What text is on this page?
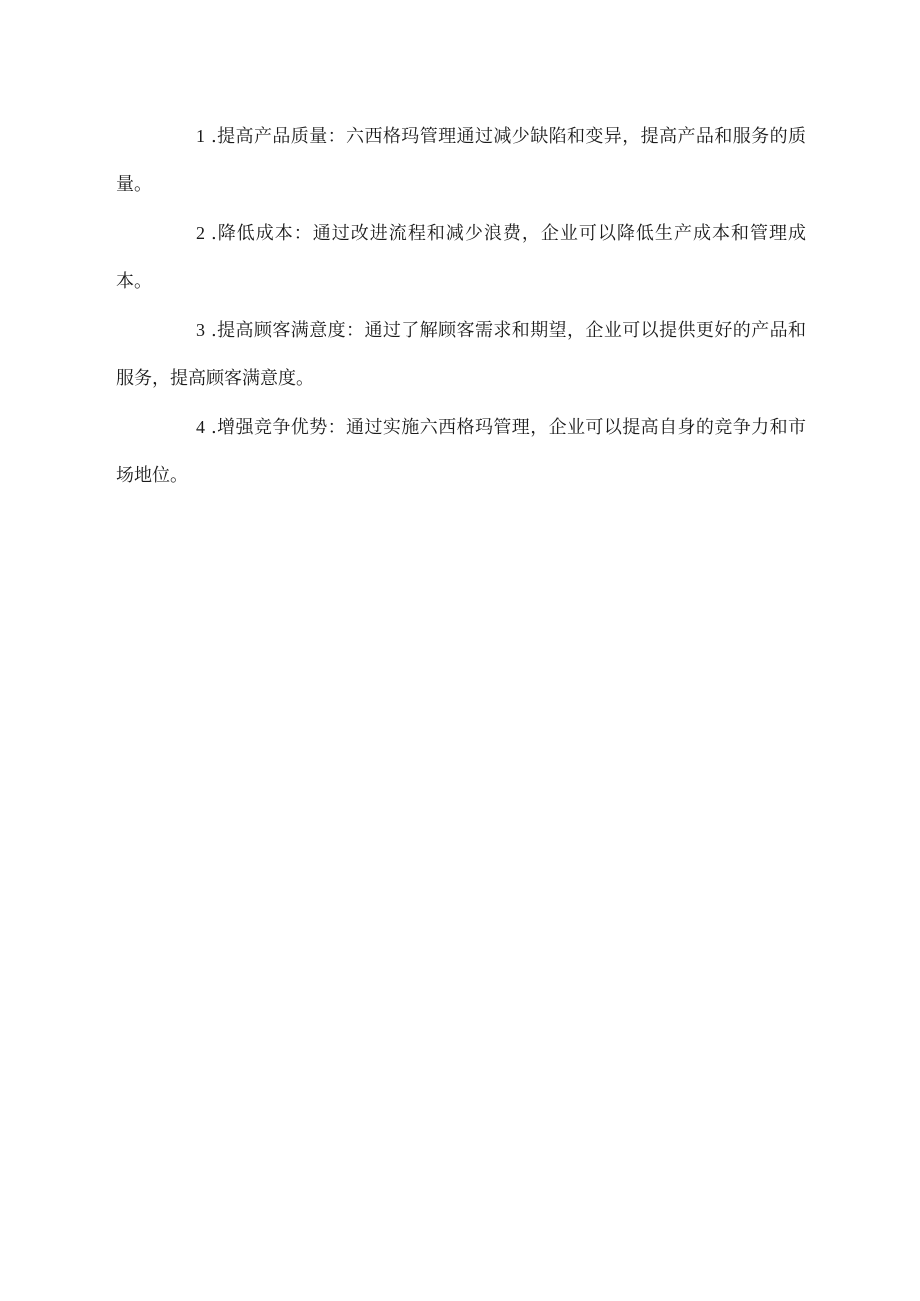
1 .提高产品质量：六西格玛管理通过减少缺陷和变异，提高产品和服务的质量。

2 .降低成本：通过改进流程和减少浪费，企业可以降低生产成本和管理成本。

3 .提高顾客满意度：通过了解顾客需求和期望，企业可以提供更好的产品和服务，提高顾客满意度。

4 .增强竞争优势：通过实施六西格玛管理，企业可以提高自身的竞争力和市场地位。
